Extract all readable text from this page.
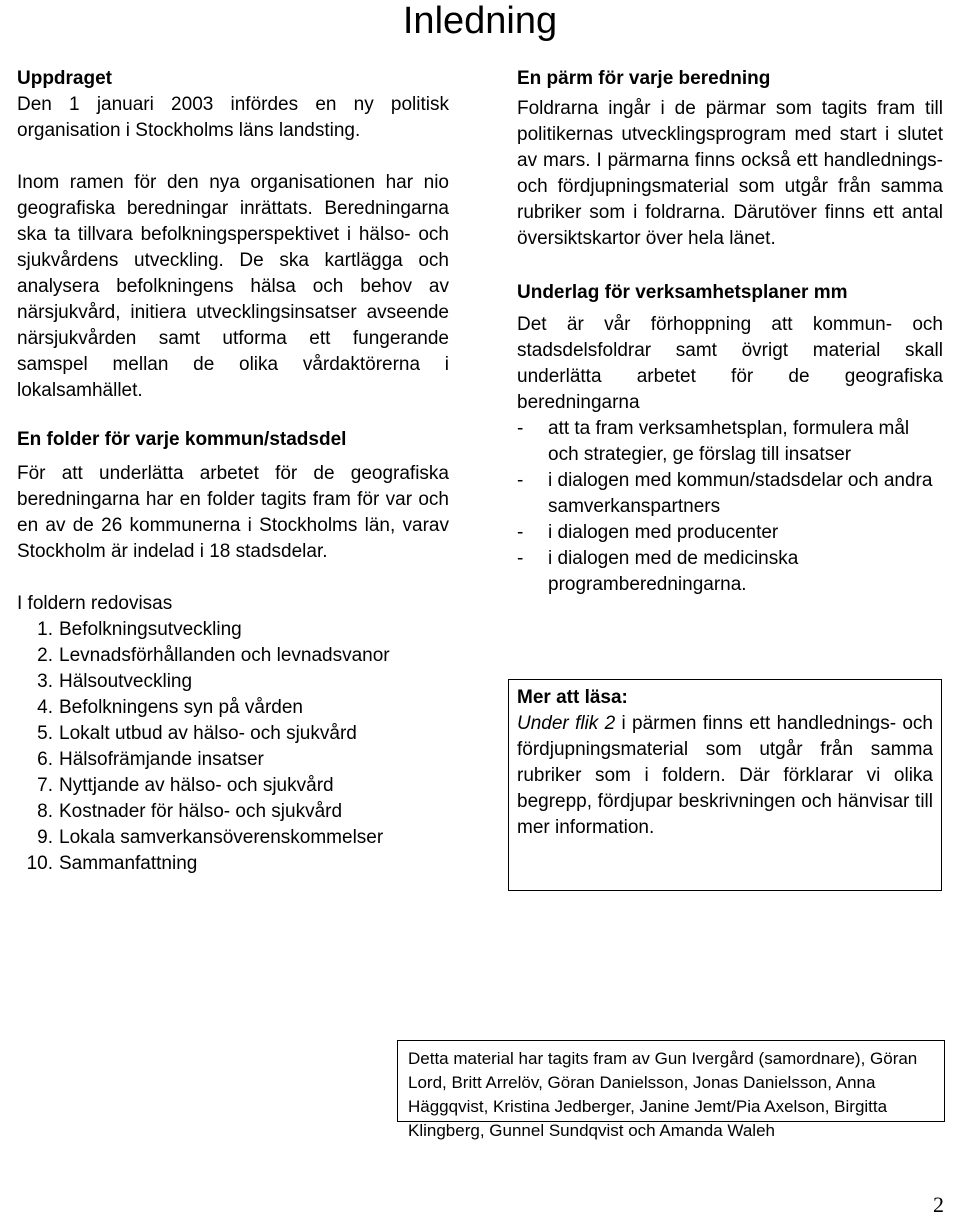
Inledning
Uppdraget

Den 1 januari 2003 infördes en ny politisk organisation i Stockholms läns landsting.

Inom ramen för den nya organisationen har nio geografiska beredningar inrättats. Beredningarna ska ta tillvara befolkningsperspektivet i hälso- och sjukvårdens utveckling. De ska kartlägga och analysera befolkningens hälsa och behov av närsjukvård, initiera utvecklingsinsatser avseende närsjukvården samt utforma ett fungerande samspel mellan de olika vårdaktörerna i lokalsamhället.

En folder för varje kommun/stadsdel

För att underlätta arbetet för de geografiska beredningarna har en folder tagits fram för var och en av de 26 kommunerna i Stockholms län, varav Stockholm är indelad i 18 stadsdelar.

I foldern redovisas
1. Befolkningsutveckling
2. Levnadsförhållanden och levnadsvanor
3. Hälsoutveckling
4. Befolkningens syn på vården
5. Lokalt utbud av hälso- och sjukvård
6. Hälsofrämjande insatser
7. Nyttjande av hälso- och sjukvård
8. Kostnader för hälso- och sjukvård
9. Lokala samverkansöverenskommelser
10. Sammanfattning
En pärm för varje beredning

Foldrarna ingår i de pärmar som tagits fram till politikernas utvecklingsprogram med start i slutet av mars. I pärmarna finns också ett handlednings- och fördjupningsmaterial som utgår från samma rubriker som i foldrarna. Därutöver finns ett antal översiktskartor över hela länet.

Underlag för verksamhetsplaner mm

Det är vår förhoppning att kommun- och stadsdelsfoldrar samt övrigt material skall underlätta arbetet för de geografiska beredningarna

-	att ta fram verksamhetsplan, formulera mål och strategier, ge förslag till insatser
-	i dialogen med kommun/stadsdelar och andra samverkanspartners
-	i dialogen med producenter
-	i dialogen med de medicinska programberedningarna.
Mer att läsa:

Under flik 2 i pärmen finns ett handlednings- och fördjupningsmaterial som utgår från samma rubriker som i foldern. Där förklarar vi olika begrepp, fördjupar beskrivningen och hänvisar till mer information.

Detta material har tagits fram av Gun Ivergård (samordnare), Göran Lord, Britt Arrelöv, Göran Danielsson, Jonas Danielsson, Anna Häggqvist, Kristina Jedberger, Janine Jemt/Pia Axelson, Birgitta Klingberg, Gunnel Sundqvist och Amanda Waleh
2
